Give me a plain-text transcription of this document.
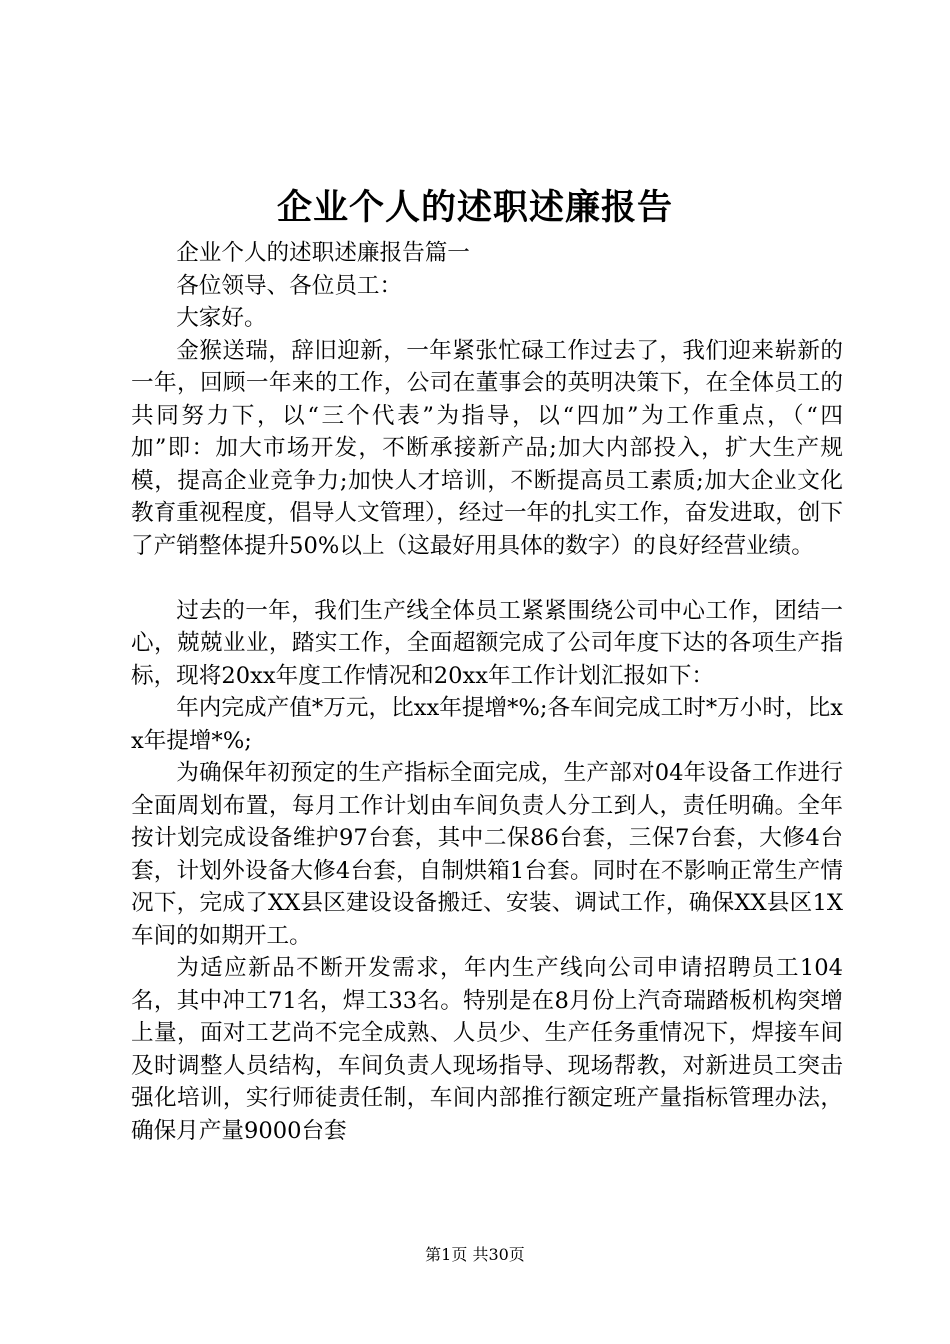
企业个人的述职述廉报告

企业个人的述职述廉报告篇一

各位领导、各位员工：

大家好。

金猴送瑞，辞旧迎新，一年紧张忙碌工作过去了，我们迎来崭新的一年，回顾一年来的工作，公司在董事会的英明决策下，在全体员工的共同努力下，以“三个代表”为指导，以“四加”为工作重点，（“四加”即：加大市场开发，不断承接新产品;加大内部投入，扩大生产规模，提高企业竞争力;加快人才培训，不断提高员工素质;加大企业文化教育重视程度，倡导人文管理），经过一年的扎实工作，奋发进取，创下了产销整体提升50%以上（这最好用具体的数字）的良好经营业绩。

过去的一年，我们生产线全体员工紧紧围绕公司中心工作，团结一心，兢兢业业，踏实工作，全面超额完成了公司年度下达的各项生产指标，现将20xx年度工作情况和20xx年工作计划汇报如下：

年内完成产值*万元，比xx年提增*%;各车间完成工时*万小时，比xx年提增*%;

为确保年初预定的生产指标全面完成，生产部对04年设备工作进行全面周划布置，每月工作计划由车间负责人分工到人，责任明确。全年按计划完成设备维护97台套，其中二保86台套，三保7台套，大修4台套，计划外设备大修4台套，自制烘箱1台套。同时在不影响正常生产情况下，完成了XX县区建设设备搬迁、安装、调试工作，确保XX县区1X车间的如期开工。

为适应新品不断开发需求，年内生产线向公司申请招聘员工104名，其中冲工71名，焊工33名。特别是在8月份上汽奇瑞踏板机构突增上量，面对工艺尚不完全成熟、人员少、生产任务重情况下，焊接车间及时调整人员结构，车间负责人现场指导、现场帮教，对新进员工突击强化培训，实行师徒责任制，车间内部推行额定班产量指标管理办法，确保月产量9000台套

第1页 共30页
